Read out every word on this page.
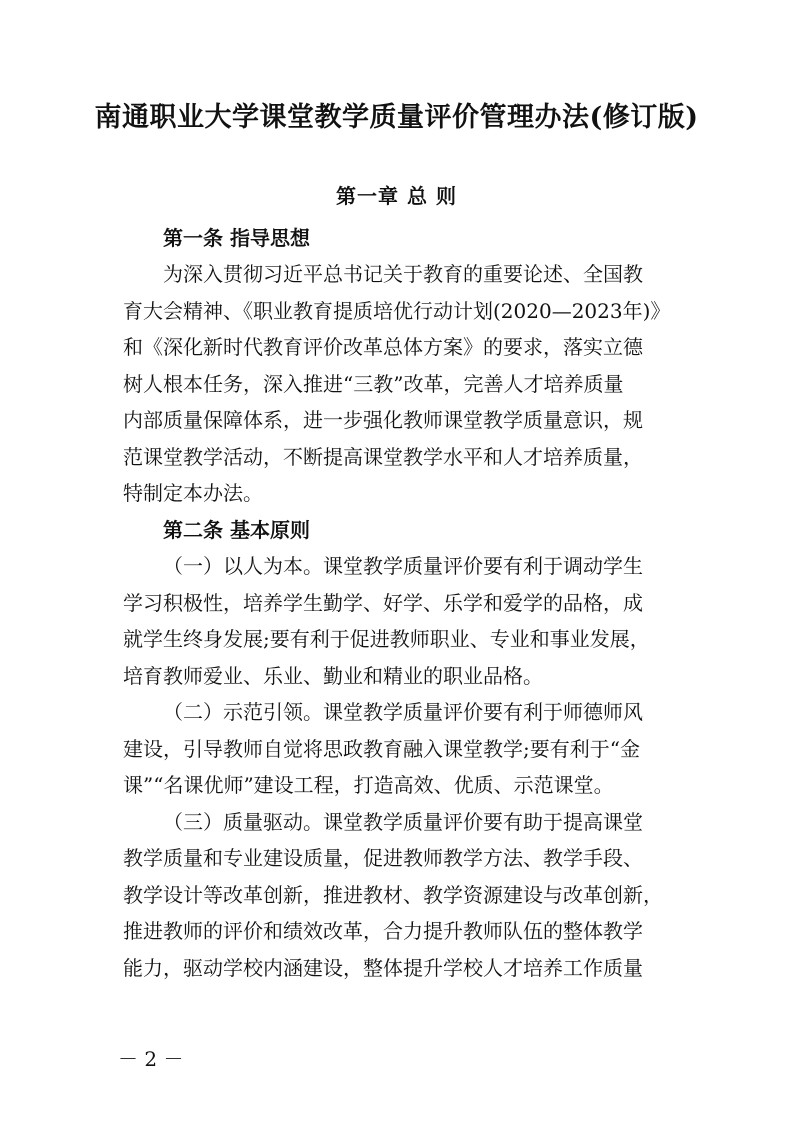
南通职业大学课堂教学质量评价管理办法(修订版)
第一章 总 则
第一条 指导思想
为深入贯彻习近平总书记关于教育的重要论述、全国教
育大会精神、《职业教育提质培优行动计划(2020—2023年)》
和《深化新时代教育评价改革总体方案》的要求，落实立德
树人根本任务，深入推进“三教”改革，完善人才培养质量
内部质量保障体系，进一步强化教师课堂教学质量意识，规
范课堂教学活动，不断提高课堂教学水平和人才培养质量，
特制定本办法。
第二条 基本原则
（一）以人为本。课堂教学质量评价要有利于调动学生
学习积极性，培养学生勤学、好学、乐学和爱学的品格，成
就学生终身发展;要有利于促进教师职业、专业和事业发展，
培育教师爱业、乐业、勤业和精业的职业品格。
（二）示范引领。课堂教学质量评价要有利于师德师风
建设，引导教师自觉将思政教育融入课堂教学;要有利于“金
课”“名课优师”建设工程，打造高效、优质、示范课堂。
（三）质量驱动。课堂教学质量评价要有助于提高课堂
教学质量和专业建设质量，促进教师教学方法、教学手段、
教学设计等改革创新，推进教材、教学资源建设与改革创新，
推进教师的评价和绩效改革，合力提升教师队伍的整体教学
能力，驱动学校内涵建设，整体提升学校人才培养工作质量
－ 2 －
